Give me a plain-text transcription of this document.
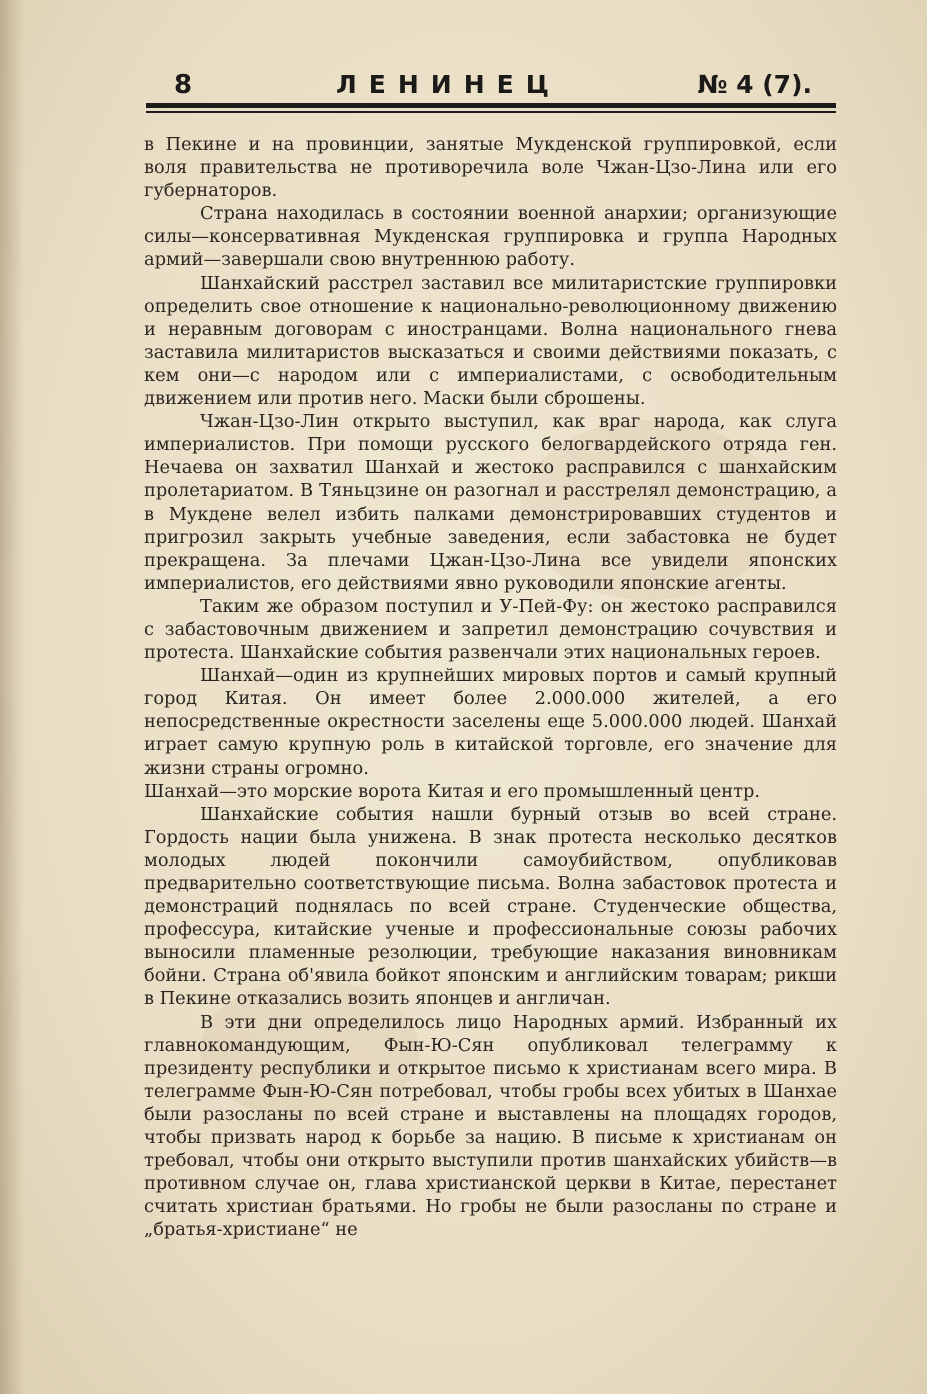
8	ЛЕНИНЕЦ	№ 4 (7).

в Пекине и на провинции, занятые Мукденской группировкой, если воля правительства не противоречила воле Чжан-Цзо-Лина или его губернаторов.

Страна находилась в состоянии военной анархии; организующие силы—консервативная Мукденская группировка и группа Народных армий—завершали свою внутреннюю работу.

Шанхайский расстрел заставил все милитаристские группировки определить свое отношение к национально-революционному движению и неравным договорам с иностранцами. Волна национального гнева заставила милитаристов высказаться и своими действиями показать, с кем они—с народом или с империалистами, с освободительным движением или против него. Маски были сброшены.

Чжан-Цзо-Лин открыто выступил, как враг народа, как слуга империалистов. При помощи русского белогвардейского отряда ген. Нечаева он захватил Шанхай и жестоко расправился с шанхайским пролетариатом. В Тяньцзине он разогнал и расстрелял демонстрацию, а в Мукдене велел избить палками демонстрировавших студентов и пригрозил закрыть учебные заведения, если забастовка не будет прекращена. За плечами Цжан-Цзо-Лина все увидели японских империалистов, его действиями явно руководили японские агенты.

Таким же образом поступил и У-Пей-Фу: он жестоко расправился с забастовочным движением и запретил демонстрацию сочувствия и протеста. Шанхайские события развенчали этих национальных героев.

Шанхай—один из крупнейших мировых портов и самый крупный город Китая. Он имеет более 2.000.000 жителей, а его непосредственные окрестности заселены еще 5.000.000 людей. Шанхай играет самую крупную роль в китайской торговле, его значение для жизни страны огромно.

Шанхай—это морские ворота Китая и его промышленный центр.

Шанхайские события нашли бурный отзыв во всей стране. Гордость нации была унижена. В знак протеста несколько десятков молодых людей покончили самоубийством, опубликовав предварительно соответствующие письма. Волна забастовок протеста и демонстраций поднялась по всей стране. Студенческие общества, профессура, китайские ученые и профессиональные союзы рабочих выносили пламенные резолюции, требующие наказания виновникам бойни. Страна об'явила бойкот японским и английским товарам; рикши в Пекине отказались возить японцев и англичан.

В эти дни определилось лицо Народных армий. Избранный их главнокомандующим, Фын-Ю-Сян опубликовал телеграмму к президенту республики и открытое письмо к христианам всего мира. В телеграмме Фын-Ю-Сян потребовал, чтобы гробы всех убитых в Шанхае были разосланы по всей стране и выставлены на площадях городов, чтобы призвать народ к борьбе за нацию. В письме к христианам он требовал, чтобы они открыто выступили против шанхайских убийств—в противном случае он, глава христианской церкви в Китае, перестанет считать христиан братьями. Но гробы не были разосланы по стране и „братья-христиане“ не
